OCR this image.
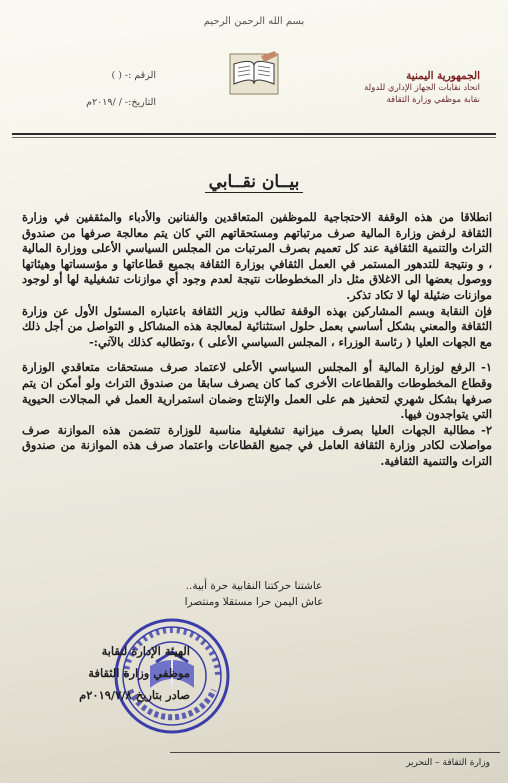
بسم الله الرحمن الرحيم
الجمهورية اليمنية
اتحاد نقابات الجهاز الإداري للدولة
نقابة موظفي وزارة الثقافة
الرقم :- ( )
التاريخ:- / /٢٠١٩م
بيــان نقــابي

انطلاقا من هذه الوقفة الاحتجاجية للموظفين المتعاقدين والفنانين والأدباء والمثقفين في وزارة الثقافة لرفض وزارة المالية صرف مرتباتهم ومستحقاتهم التي كان يتم معالجة صرفها من صندوق التراث والتنمية الثقافية عند كل تعميم بصرف المرتبات من المجلس السياسي الأعلى ووزارة المالية ، و ونتيجة للتدهور المستمر في العمل الثقافي بوزارة الثقافة بجميع قطاعاتها و مؤسساتها وهيئاتها ووصول بعضها الى الاغلاق مثل دار المخطوطات نتيجة لعدم وجود أي موازنات تشغيلية لها أو لوجود موازنات ضئيلة لها لا تكاد تذكر.

فإن النقابة وبسم المشاركين بهذه الوقفة تطالب وزير الثقافة باعتباره المسئول الأول عن وزارة الثقافة والمعني بشكل أساسي بعمل حلول استثنائية لمعالجة هذه المشاكل و التواصل من أجل ذلك مع الجهات العليا ( رئاسة الوزراء ، المجلس السياسي الأعلى ) ،وتطالبه كذلك بالآتي:-

١-الرفع لوزارة المالية أو المجلس السياسي الأعلى لاعتماد صرف مستحقات متعاقدي الوزارة وقطاع المخطوطات والقطاعات الأخرى كما كان يصرف سابقا من صندوق التراث ولو أمكن ان يتم صرفها بشكل شهري لتحفيز هم على العمل والإنتاج وضمان استمرارية العمل في المجالات الحيوية التي يتواجدون فيها.

٢-مطالبة الجهات العليا بصرف ميزانية تشغيلية مناسبة للوزارة تتضمن هذه الموازنة صرف مواصلات لكادر وزارة الثقافة العامل في جميع القطاعات واعتماد صرف هذه الموازنة من صندوق التراث والتنمية الثقافية.

عاشتنا حركتنا النقابية حرة أبية..
عاش اليمن حرا مستقلا ومنتصرا
الهيئة الإدارة لنقابة
موظفي وزارة الثقافة
صادر بتاريخ ٢٠١٩/٧/٨م
وزارة الثقافة – التحرير
